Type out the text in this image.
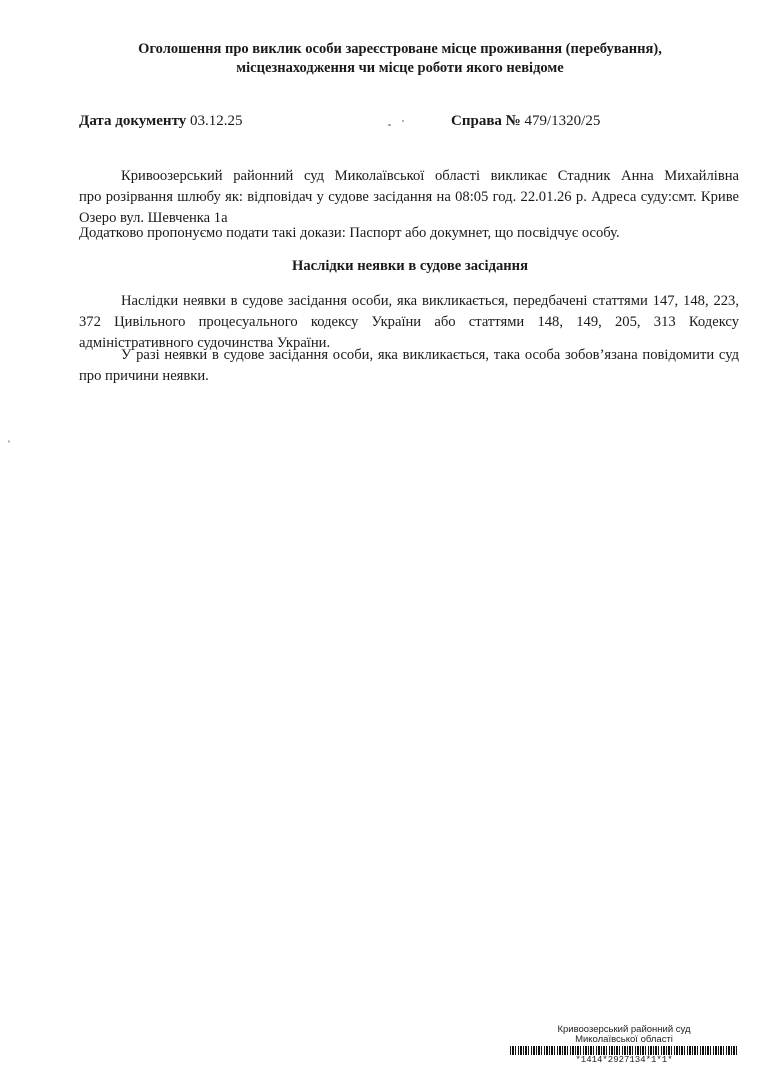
Оголошення про виклик особи зареєстроване місце проживання (перебування),
місцезнаходження чи місце роботи якого невідоме
Дата документу 03.12.25	Справа № 479/1320/25
Кривоозерський районний суд Миколаївської області викликає Стадник Анна Михайлівна
про розірвання шлюбу як: відповідач у судове засідання на 08:05 год. 22.01.26 р. Адреса суду:смт. Криве Озеро вул. Шевченка 1а
Додатково пропонуємо подати такі докази: Паспорт або докумнет, що посвідчує особу.
Наслідки неявки в судове засідання
Наслідки неявки в судове засідання особи, яка викликається, передбачені статтями 147, 148, 223, 372 Цивільного процесуального кодексу України або статтями 148, 149, 205, 313 Кодексу адміністративного судочинства України.
У разі неявки в судове засідання особи, яка викликається, така особа зобов’язана повідомити суд про причини неявки.
Кривоозерський районний суд
Миколаївської області
*1414*2927134*1*1*
